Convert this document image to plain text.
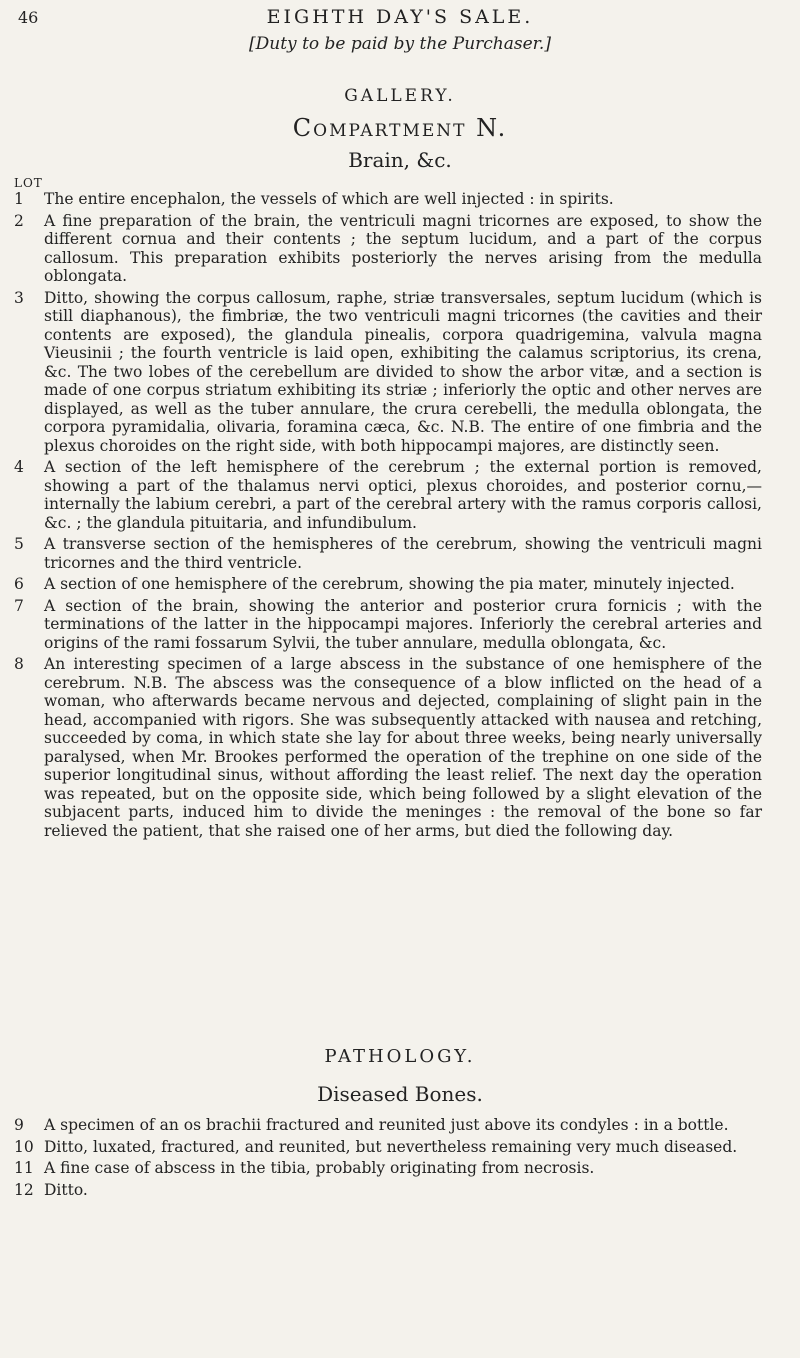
46	EIGHTH DAY'S SALE.
[Duty to be paid by the Purchaser.]
GALLERY.
Compartment N.
Brain, &c.
LOT
1	The entire encephalon, the vessels of which are well injected : in spirits.
2	A fine preparation of the brain, the ventriculi magni tricornes are exposed, to show the different cornua and their contents ; the septum lucidum, and a part of the corpus callosum. This preparation exhibits posteriorly the nerves arising from the medulla oblongata.
3	Ditto, showing the corpus callosum, raphe, striæ transversales, septum lucidum (which is still diaphanous), the fimbriæ, the two ventriculi magni tricornes (the cavities and their contents are exposed), the glandula pinealis, corpora quadrigemina, valvula magna Vieusinii ; the fourth ventricle is laid open, exhibiting the calamus scriptorius, its crena, &c. The two lobes of the cerebellum are divided to show the arbor vitæ, and a section is made of one corpus striatum exhibiting its striæ ; inferiorly the optic and other nerves are displayed, as well as the tuber annulare, the crura cerebelli, the medulla oblongata, the corpora pyramidalia, olivaria, foramina cæca, &c. N.B. The entire of one fimbria and the plexus choroides on the right side, with both hippocampi majores, are distinctly seen.
4	A section of the left hemisphere of the cerebrum ; the external portion is removed, showing a part of the thalamus nervi optici, plexus choroides, and posterior cornu,—internally the labium cerebri, a part of the cerebral artery with the ramus corporis callosi, &c. ; the glandula pituitaria, and infundibulum.
5	A transverse section of the hemispheres of the cerebrum, showing the ventriculi magni tricornes and the third ventricle.
6	A section of one hemisphere of the cerebrum, showing the pia mater, minutely injected.
7	A section of the brain, showing the anterior and posterior crura fornicis ; with the terminations of the latter in the hippocampi majores. Inferiorly the cerebral arteries and origins of the rami fossarum Sylvii, the tuber annulare, medulla oblongata, &c.
8	An interesting specimen of a large abscess in the substance of one hemisphere of the cerebrum. N.B. The abscess was the consequence of a blow inflicted on the head of a woman, who afterwards became nervous and dejected, complaining of slight pain in the head, accompanied with rigors. She was subsequently attacked with nausea and retching, succeeded by coma, in which state she lay for about three weeks, being nearly universally paralysed, when Mr. Brookes performed the operation of the trephine on one side of the superior longitudinal sinus, without affording the least relief. The next day the operation was repeated, but on the opposite side, which being followed by a slight elevation of the subjacent parts, induced him to divide the meninges : the removal of the bone so far relieved the patient, that she raised one of her arms, but died the following day.
PATHOLOGY.
Diseased Bones.
9	A specimen of an os brachii fractured and reunited just above its condyles : in a bottle.
10 Ditto, luxated, fractured, and reunited, but nevertheless remaining very much diseased.
11 A fine case of abscess in the tibia, probably originating from necrosis.
12 Ditto.
